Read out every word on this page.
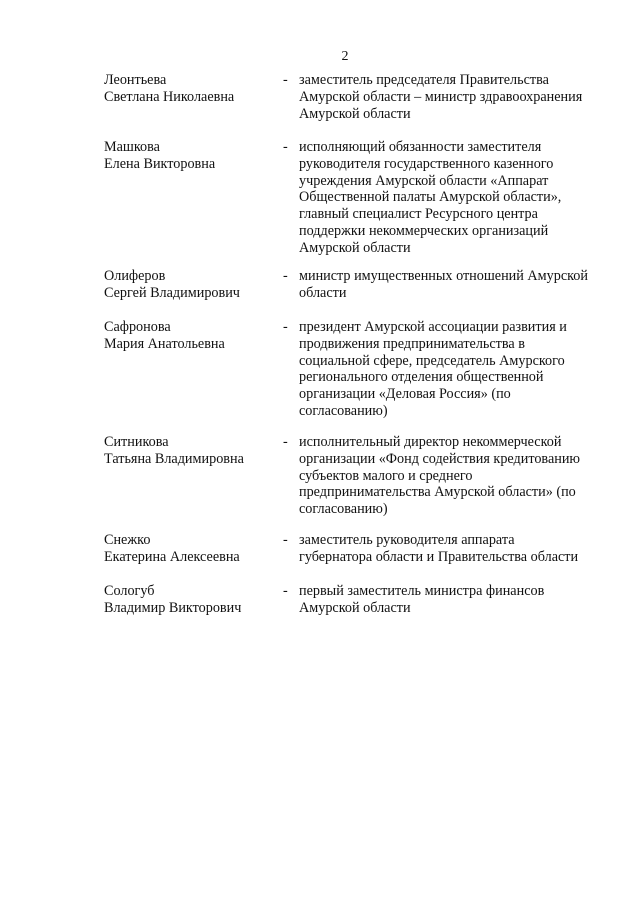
2
Леонтьева
Светлана Николаевна
- заместитель председателя Правительства
Амурской области – министр здравоохранения
Амурской области
Машкова
Елена Викторовна
- исполняющий обязанности заместителя
руководителя государственного казенного
учреждения Амурской области «Аппарат
Общественной палаты Амурской области»,
главный специалист Ресурсного центра
поддержки некоммерческих организаций
Амурской области
Олиферов
Сергей Владимирович
- министр имущественных отношений Амурской
области
Сафронова
Мария Анатольевна
- президент Амурской ассоциации развития и
продвижения предпринимательства в
социальной сфере, председатель Амурского
регионального отделения общественной
организации «Деловая Россия» (по
согласованию)
Ситникова
Татьяна Владимировна
- исполнительный директор некоммерческой
организации «Фонд содействия кредитованию
субъектов малого и среднего
предпринимательства Амурской области» (по
согласованию)
Снежко
Екатерина Алексеевна
- заместитель руководителя аппарата
губернатора области и Правительства области
Сологуб
Владимир Викторович
- первый заместитель министра финансов
Амурской области
